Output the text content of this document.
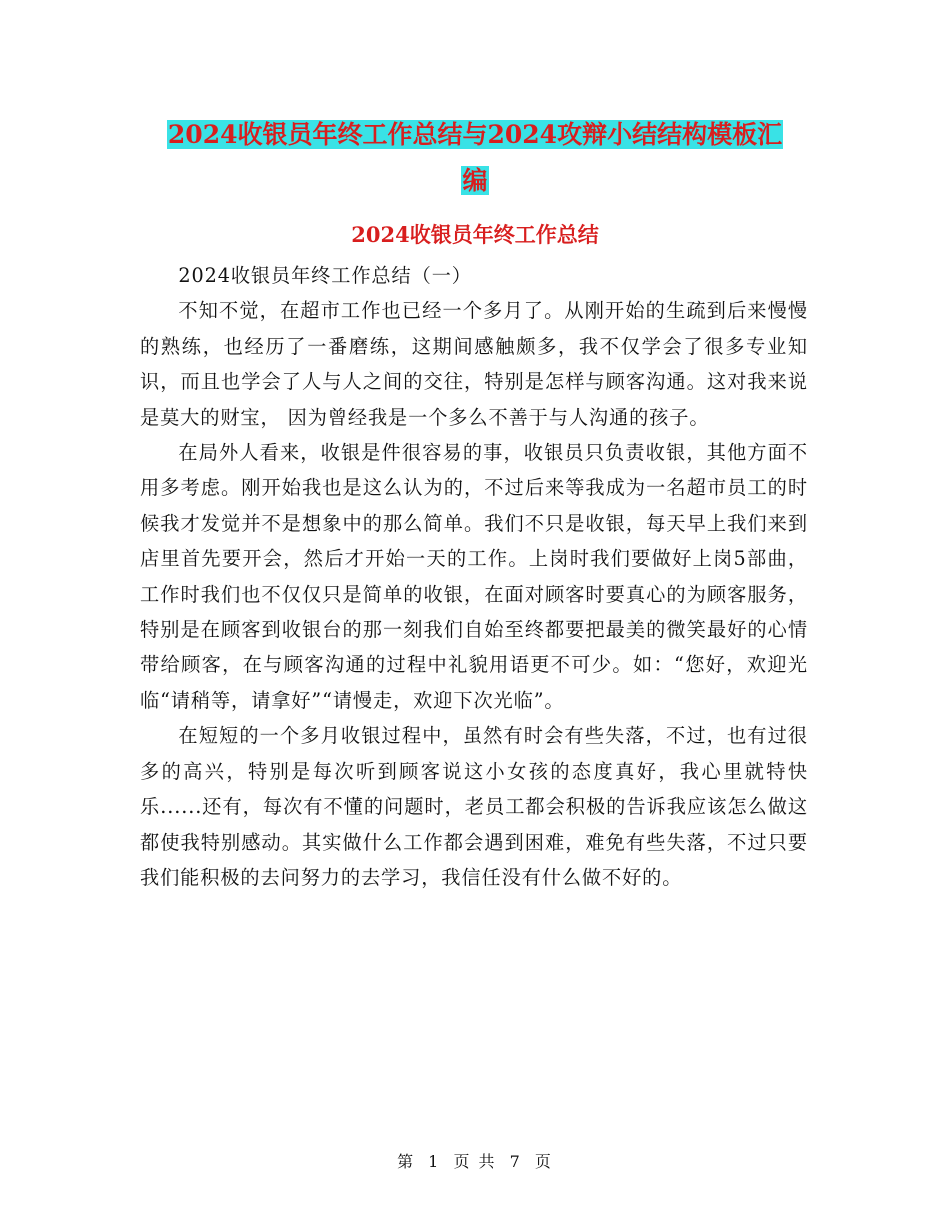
2024收银员年终工作总结与2024攻辩小结结构模板汇
编
2024收银员年终工作总结

2024收银员年终工作总结（一）

不知不觉，在超市工作也已经一个多月了。从刚开始的生疏到后来慢慢的熟练，也经历了一番磨练，这期间感触颇多，我不仅学会了很多专业知识，而且也学会了人与人之间的交往，特别是怎样与顾客沟通。这对我来说是莫大的财宝， 因为曾经我是一个多么不善于与人沟通的孩子。

在局外人看来，收银是件很容易的事，收银员只负责收银，其他方面不用多考虑。刚开始我也是这么认为的，不过后来等我成为一名超市员工的时候我才发觉并不是想象中的那么简单。我们不只是收银，每天早上我们来到店里首先要开会，然后才开始一天的工作。上岗时我们要做好上岗5部曲，工作时我们也不仅仅只是简单的收银，在面对顾客时要真心的为顾客服务，特别是在顾客到收银台的那一刻我们自始至终都要把最美的微笑最好的心情带给顾客，在与顾客沟通的过程中礼貌用语更不可少。如：“您好，欢迎光临“请稍等，请拿好”“请慢走，欢迎下次光临”。

在短短的一个多月收银过程中，虽然有时会有些失落，不过，也有过很多的高兴，特别是每次听到顾客说这小女孩的态度真好，我心里就特快乐......还有，每次有不懂的问题时，老员工都会积极的告诉我应该怎么做这都使我特别感动。其实做什么工作都会遇到困难，难免有些失落，不过只要我们能积极的去问努力的去学习，我信任没有什么做不好的。

第 1 页 共 7 页
